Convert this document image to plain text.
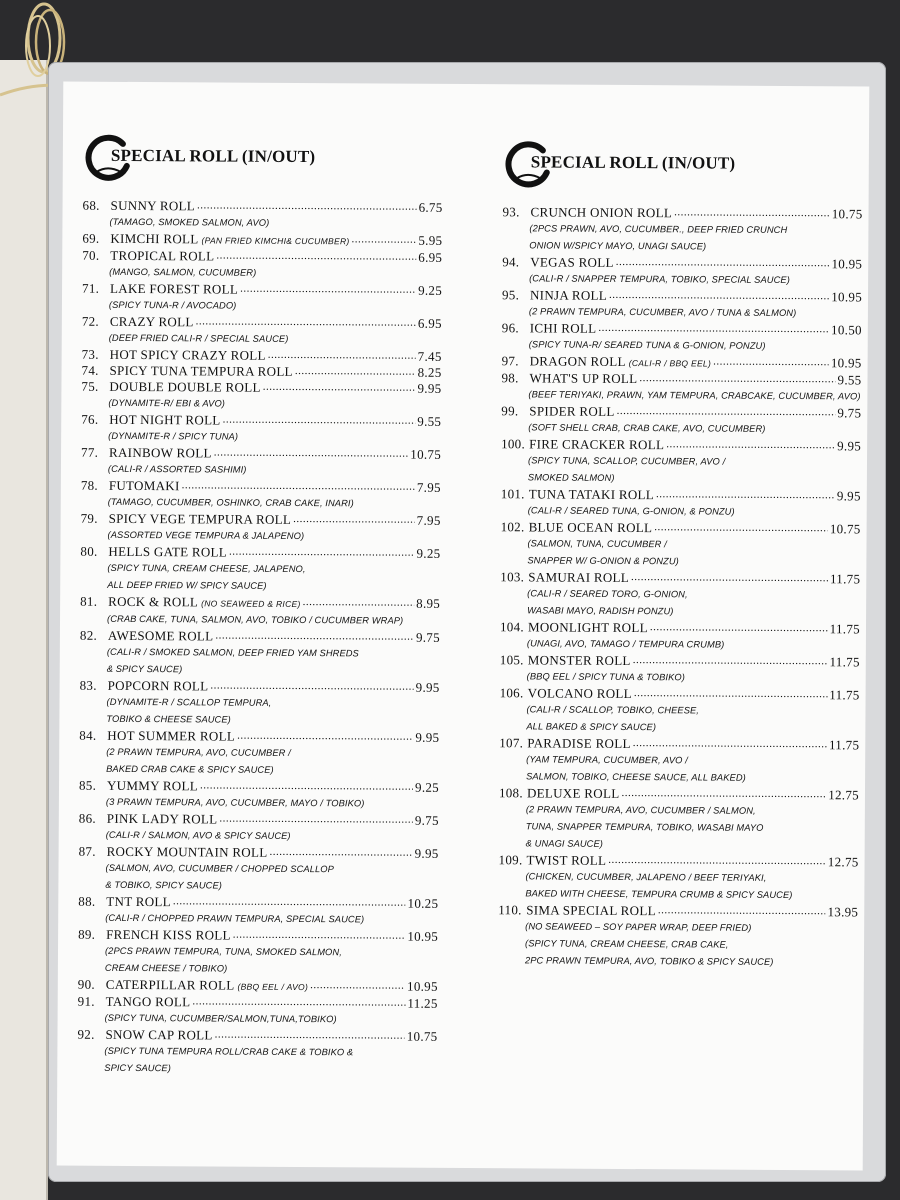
SPECIAL ROLL (IN/OUT)
68. SUNNY ROLL .....	6.75
(TAMAGO, SMOKED SALMON, AVO)
69. KIMCHI ROLL (PAN FRIED KIMCHI& CUCUMBER) .....	5.95
70. TROPICAL ROLL .....	6.95
(MANGO, SALMON, CUCUMBER)
71. LAKE FOREST ROLL .....	9.25
(SPICY TUNA-R / AVOCADO)
72. CRAZY ROLL .....	6.95
(DEEP FRIED CALI-R / SPECIAL SAUCE)
73. HOT SPICY CRAZY ROLL .....	7.45
74. SPICY TUNA TEMPURA ROLL .....	8.25
75. DOUBLE DOUBLE ROLL .....	9.95
(DYNAMITE-R/ EBI & AVO)
76. HOT NIGHT ROLL .....	9.55
(DYNAMITE-R / SPICY TUNA)
77. RAINBOW ROLL .....	10.75
(CALI-R / ASSORTED SASHIMI)
78. FUTOMAKI .....	7.95
(TAMAGO, CUCUMBER, OSHINKO, CRAB CAKE, INARI)
79. SPICY VEGE TEMPURA ROLL .....	7.95
(ASSORTED VEGE TEMPURA & JALAPENO)
80. HELLS GATE ROLL .....	9.25
(SPICY TUNA, CREAM CHEESE, JALAPENO,
ALL DEEP FRIED W/ SPICY SAUCE)
81. ROCK & ROLL (NO SEAWEED & RICE) .....	8.95
(CRAB CAKE, TUNA, SALMON, AVO, TOBIKO / CUCUMBER WRAP)
82. AWESOME ROLL .....	9.75
(CALI-R / SMOKED SALMON, DEEP FRIED YAM SHREDS
& SPICY SAUCE)
83. POPCORN ROLL .....	9.95
(DYNAMITE-R / SCALLOP TEMPURA,
TOBIKO & CHEESE SAUCE)
84. HOT SUMMER ROLL .....	9.95
(2 PRAWN TEMPURA, AVO, CUCUMBER /
BAKED CRAB CAKE & SPICY SAUCE)
85. YUMMY ROLL .....	9.25
(3 PRAWN TEMPURA, AVO, CUCUMBER, MAYO / TOBIKO)
86. PINK LADY ROLL .....	9.75
(CALI-R / SALMON, AVO & SPICY SAUCE)
87. ROCKY MOUNTAIN ROLL .....	9.95
(SALMON, AVO, CUCUMBER / CHOPPED SCALLOP
& TOBIKO, SPICY SAUCE)
88. TNT ROLL .....	10.25
(CALI-R / CHOPPED PRAWN TEMPURA, SPECIAL SAUCE)
89. FRENCH KISS ROLL .....	10.95
(2PCS PRAWN TEMPURA, TUNA, SMOKED SALMON,
CREAM CHEESE / TOBIKO)
90. CATERPILLAR ROLL (BBQ EEL / AVO) .....	10.95
91. TANGO ROLL .....	11.25
(SPICY TUNA, CUCUMBER/SALMON,TUNA,TOBIKO)
92. SNOW CAP ROLL .....	10.75
(SPICY TUNA TEMPURA ROLL/CRAB CAKE & TOBIKO &
SPICY SAUCE)
SPECIAL ROLL (IN/OUT)
93. CRUNCH ONION ROLL .....	10.75
(2PCS PRAWN, AVO, CUCUMBER., DEEP FRIED CRUNCH
ONION W/SPICY MAYO, UNAGI SAUCE)
94. VEGAS ROLL .....	10.95
(CALI-R / SNAPPER TEMPURA, TOBIKO, SPECIAL SAUCE)
95. NINJA ROLL .....	10.95
(2 PRAWN TEMPURA, CUCUMBER, AVO / TUNA & SALMON)
96. ICHI ROLL .....	10.50
(SPICY TUNA-R/ SEARED TUNA & G-ONION, PONZU)
97. DRAGON ROLL (CALI-R / BBQ EEL) .....	10.95
98. WHAT'S UP ROLL .....	9.55
(BEEF TERIYAKI, PRAWN, YAM TEMPURA, CRABCAKE, CUCUMBER, AVO)
99. SPIDER ROLL .....	9.75
(SOFT SHELL CRAB, CRAB CAKE, AVO, CUCUMBER)
100. FIRE CRACKER ROLL .....	9.95
(SPICY TUNA, SCALLOP, CUCUMBER, AVO /
SMOKED SALMON)
101. TUNA TATAKI ROLL .....	9.95
(CALI-R / SEARED TUNA, G-ONION, & PONZU)
102. BLUE OCEAN ROLL .....	10.75
(SALMON, TUNA, CUCUMBER /
SNAPPER W/ G-ONION & PONZU)
103. SAMURAI ROLL .....	11.75
(CALI-R / SEARED TORO, G-ONION,
WASABI MAYO, RADISH PONZU)
104. MOONLIGHT ROLL .....	11.75
(UNAGI, AVO, TAMAGO / TEMPURA CRUMB)
105. MONSTER ROLL .....	11.75
(BBQ EEL / SPICY TUNA & TOBIKO)
106. VOLCANO ROLL .....	11.75
(CALI-R / SCALLOP, TOBIKO, CHEESE,
ALL BAKED & SPICY SAUCE)
107. PARADISE ROLL .....	11.75
(YAM TEMPURA, CUCUMBER, AVO /
SALMON, TOBIKO, CHEESE SAUCE, ALL BAKED)
108. DELUXE ROLL .....	12.75
(2 PRAWN TEMPURA, AVO, CUCUMBER / SALMON,
TUNA, SNAPPER TEMPURA, TOBIKO, WASABI MAYO
& UNAGI SAUCE)
109. TWIST ROLL .....	12.75
(CHICKEN, CUCUMBER, JALAPENO / BEEF TERIYAKI,
BAKED WITH CHEESE, TEMPURA CRUMB & SPICY SAUCE)
110. SIMA SPECIAL ROLL .....	13.95
(NO SEAWEED – SOY PAPER WRAP, DEEP FRIED)
(SPICY TUNA, CREAM CHEESE, CRAB CAKE,
2PC PRAWN TEMPURA, AVO, TOBIKO & SPICY SAUCE)
